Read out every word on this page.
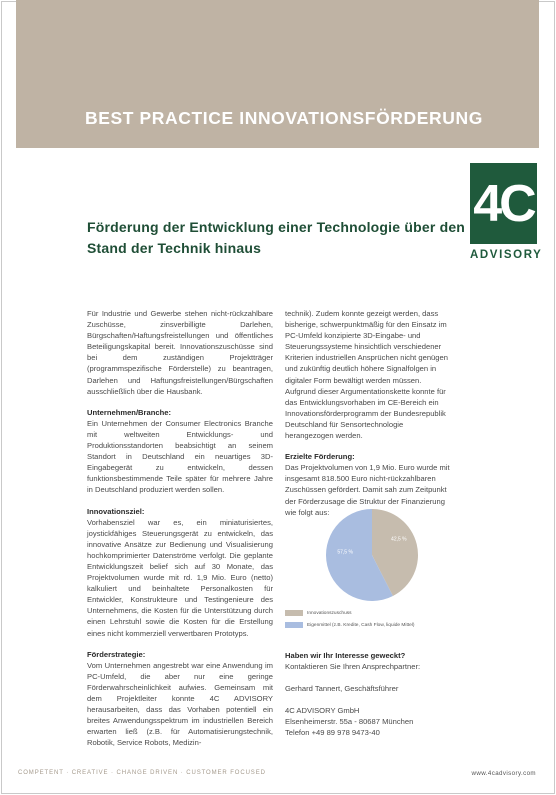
BEST PRACTICE INNOVATIONSFÖRDERUNG
4C
ADVISORY
Förderung der Entwicklung einer Technologie über den Stand der Technik hinaus

Für Industrie und Gewerbe stehen nicht-rückzahlbare Zuschüsse, zinsverbilligte Darlehen, Bürgschaften/Haftungsfreistellungen und öffentliches Beteiligungskapital bereit. Innovationszuschüsse sind bei dem zuständigen Projektträger (programmspezifische Förderstelle) zu beantragen, Darlehen und Haftungsfreistellungen/Bürgschaften ausschließlich über die Hausbank.

Unternehmen/Branche:

Ein Unternehmen der Consumer Electronics Branche mit weltweiten Entwicklungs- und Produktionsstandorten beabsichtigt an seinem Standort in Deutschland ein neuartiges 3D-Eingabegerät zu entwickeln, dessen funktionsbestimmende Teile später für mehrere Jahre in Deutschland produziert werden sollen.

Innovationsziel:

Vorhabensziel war es, ein miniaturisiertes, joystickfähiges Steuerungsgerät zu entwickeln, das innovative Ansätze zur Bedienung und Visualisierung hochkomprimierter Datenströme verfolgt. Die geplante Entwicklungszeit belief sich auf 30 Monate, das Projektvolumen wurde mit rd. 1,9 Mio. Euro (netto) kalkuliert und beinhaltete Personalkosten für Entwickler, Konstrukteure und Testingenieure des Unternehmens, die Kosten für die Unterstützung durch einen Lehrstuhl sowie die Kosten für die Erstellung eines nicht kommerziell verwertbaren Prototyps.

Förderstrategie:

Vom Unternehmen angestrebt war eine Anwendung im PC-Umfeld, die aber nur eine geringe Förderwahrscheinlichkeit aufwies. Gemeinsam mit dem Projektleiter konnte 4C ADVISORY herausarbeiten, dass das Vorhaben potentiell ein breites Anwendungsspektrum im industriellen Bereich erwarten ließ (z.B. für Automatisierungstechnik, Robotik, Service Robots, Medizin-

technik). Zudem konnte gezeigt werden, dass bisherige, schwerpunktmäßig für den Einsatz im PC-Umfeld konzipierte 3D-Eingabe- und Steuerungssysteme hinsichtlich verschiedener Kriterien industriellen Ansprüchen nicht genügen und zukünftig deutlich höhere Signalfolgen in digitaler Form bewältigt werden müssen. Aufgrund dieser Argumentationskette konnte für das Entwicklungsvorhaben im CE-Bereich ein Innovationsförderprogramm der Bundesrepublik Deutschland für Sensortechnologie herangezogen werden.

Erzielte Förderung:

Das Projektvolumen von 1,9 Mio. Euro wurde mit insgesamt 818.500 Euro nicht-rückzahlbaren Zuschüssen gefördert. Damit sah zum Zeitpunkt der Förderzusage die Struktur der Finanzierung wie folgt aus:

42,5 %
57,5 %
Innovationszuschuss
Eigenmittel (z.B. Kredite, Cash Flow, liquide Mittel)
Haben wir Ihr Interesse geweckt?
Kontaktieren Sie Ihren Ansprechpartner:
Gerhard Tannert, Geschäftsführer
4C ADVISORY GmbH
Elsenheimerstr. 55a - 80687 München
Telefon +49 89 978 9473-40
COMPETENT · CREATIVE · CHANGE DRIVEN · CUSTOMER FOCUSED	www.4cadvisory.com
